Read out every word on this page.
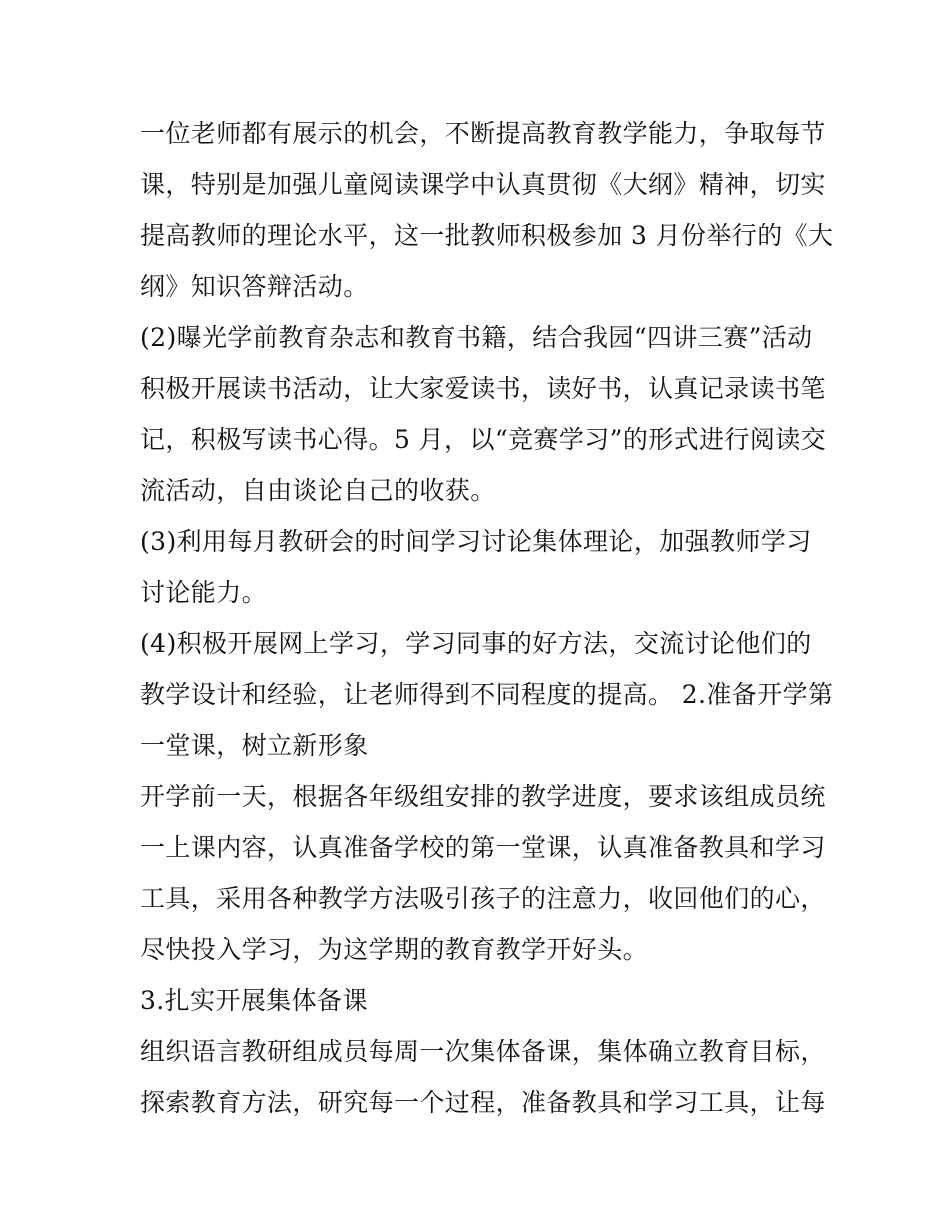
一位老师都有展示的机会，不断提高教育教学能力，争取每节
课，特别是加强儿童阅读课学中认真贯彻《大纲》精神，切实
提高教师的理论水平，这一批教师积极参加 3 月份举行的《大
纲》知识答辩活动。
(2)曝光学前教育杂志和教育书籍，结合我园“四讲三赛”活动
积极开展读书活动，让大家爱读书，读好书，认真记录读书笔
记，积极写读书心得。5 月，以“竞赛学习”的形式进行阅读交
流活动，自由谈论自己的收获。
(3)利用每月教研会的时间学习讨论集体理论，加强教师学习
讨论能力。
(4)积极开展网上学习，学习同事的好方法，交流讨论他们的
教学设计和经验，让老师得到不同程度的提高。 2.准备开学第
一堂课，树立新形象
开学前一天，根据各年级组安排的教学进度，要求该组成员统
一上课内容，认真准备学校的第一堂课，认真准备教具和学习
工具，采用各种教学方法吸引孩子的注意力，收回他们的心，
尽快投入学习，为这学期的教育教学开好头。
3.扎实开展集体备课
组织语言教研组成员每周一次集体备课，集体确立教育目标，
探索教育方法，研究每一个过程，准备教具和学习工具，让每
